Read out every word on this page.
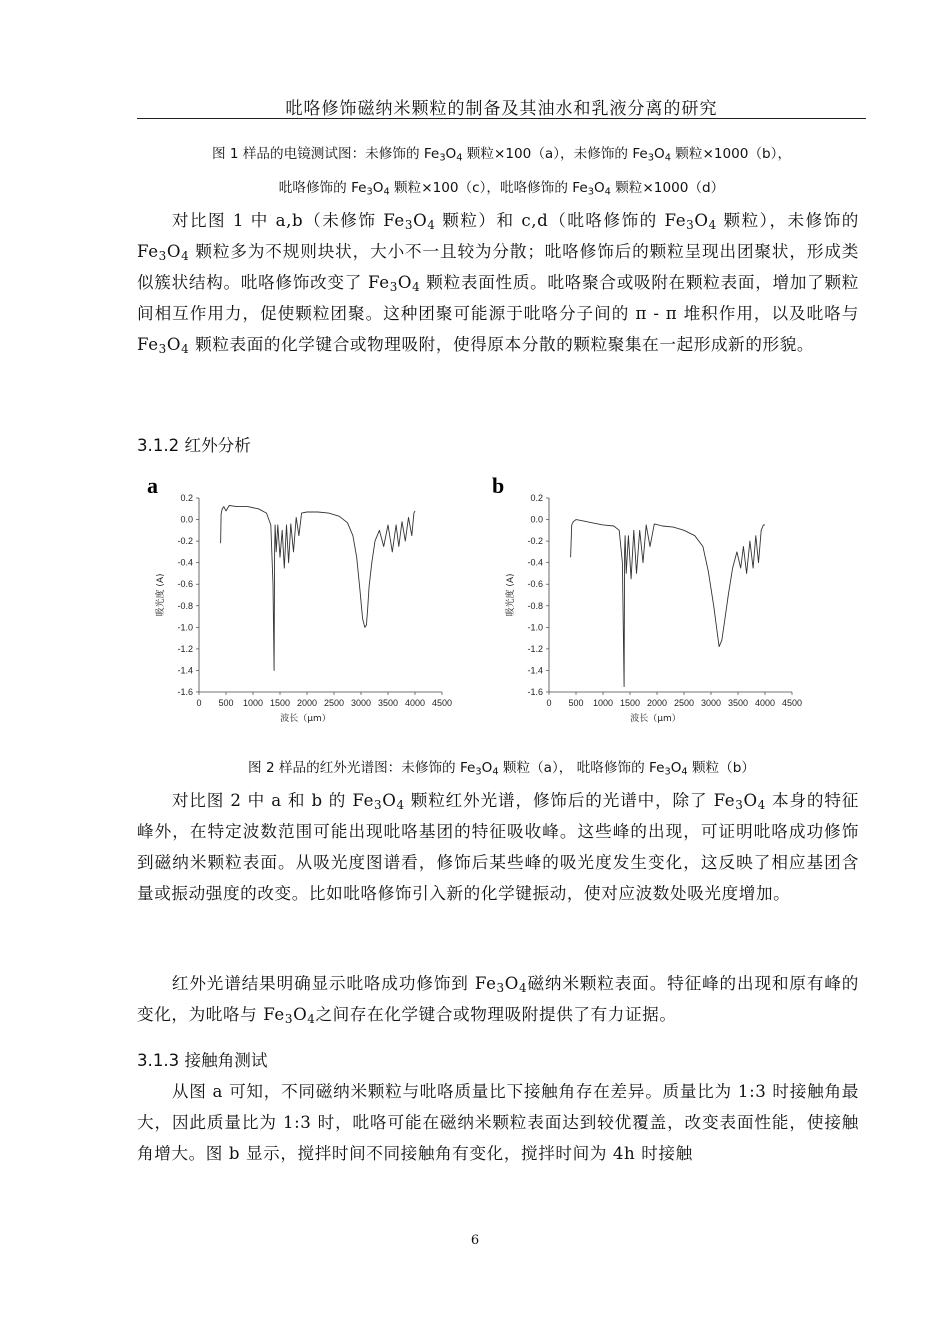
吡咯修饰磁纳米颗粒的制备及其油水和乳液分离的研究
图 1 样品的电镜测试图：未修饰的 $Fe_3O_4$ 颗粒×100（a），未修饰的 $Fe_3O_4$ 颗粒×1000（b），
吡咯修饰的 $Fe_3O_4$ 颗粒×100（c），吡咯修饰的 $Fe_3O_4$ 颗粒×1000（d）

对比图 1 中 a,b（未修饰 $Fe_3O_4$ 颗粒）和 c,d（吡咯修饰的 $Fe_3O_4$ 颗粒），未修饰的 $Fe_3O_4$ 颗粒多为不规则块状，大小不一且较为分散；吡咯修饰后的颗粒呈现出团聚状，形成类似簇状结构。吡咯修饰改变了 $Fe_3O_4$ 颗粒表面性质。吡咯聚合或吸附在颗粒表面，增加了颗粒间相互作用力，促使颗粒团聚。这种团聚可能源于吡咯分子间的 π - π 堆积作用，以及吡咯与 $Fe_3O_4$ 颗粒表面的化学键合或物理吸附，使得原本分散的颗粒聚集在一起形成新的形貌。

3.1.2 红外分析
a 0.2
0.0
-0.2
-0.4
-0.6
-0.8
-1.0
-1.2
-1.4
-1.6
0 500 1000 1500 2000 2500 3000 3500 4000 4500
波长（μm）
吸光度 (A)
b	0.2
0.0
-0.2
-0.4
-0.6
-0.8
-1.0
-1.2
-1.4
-1.6
0 500 1000 1500 2000 2500 3000 3500 4000 4500
波长（μm）
吸光度 (A)
图 2 样品的红外光谱图：未修饰的 $Fe_3O_4$ 颗粒（a）， 吡咯修饰的 $Fe_3O_4$ 颗粒（b）

对比图 2 中 a 和 b 的 $Fe_3O_4$ 颗粒红外光谱，修饰后的光谱中，除了 $Fe_3O_4$ 本身的特征峰外，在特定波数范围可能出现吡咯基团的特征吸收峰。这些峰的出现，可证明吡咯成功修饰到磁纳米颗粒表面。从吸光度图谱看，修饰后某些峰的吸光度发生变化，这反映了相应基团含量或振动强度的改变。比如吡咯修饰引入新的化学键振动，使对应波数处吸光度增加。

红外光谱结果明确显示吡咯成功修饰到 $Fe_3O_4$磁纳米颗粒表面。特征峰的出现和原有峰的变化，为吡咯与 $Fe_3O_4$之间存在化学键合或物理吸附提供了有力证据。

3.1.3 接触角测试

从图 a 可知，不同磁纳米颗粒与吡咯质量比下接触角存在差异。质量比为 1:3 时接触角最大，因此质量比为 1:3 时，吡咯可能在磁纳米颗粒表面达到较优覆盖，改变表面性能，使接触角增大。图 b 显示，搅拌时间不同接触角有变化，搅拌时间为 4h 时接触

6
